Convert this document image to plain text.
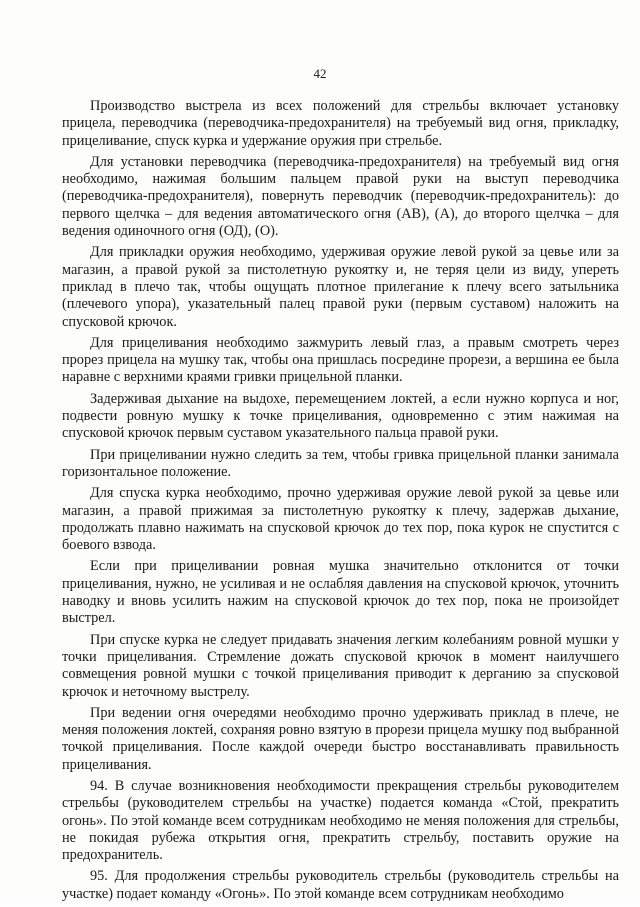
42

Производство выстрела из всех положений для стрельбы включает установку прицела, переводчика (переводчика-предохранителя) на требуемый вид огня, прикладку, прицеливание, спуск курка и удержание оружия при стрельбе.

Для установки переводчика (переводчика-предохранителя) на требуемый вид огня необходимо, нажимая большим пальцем правой руки на выступ переводчика (переводчика-предохранителя), повернуть переводчик (переводчик-предохранитель): до первого щелчка – для ведения автоматического огня (АВ), (А), до второго щелчка – для ведения одиночного огня (ОД), (О).

Для прикладки оружия необходимо, удерживая оружие левой рукой за цевье или за магазин, а правой рукой за пистолетную рукоятку и, не теряя цели из виду, упереть приклад в плечо так, чтобы ощущать плотное прилегание к плечу всего затыльника (плечевого упора), указательный палец правой руки (первым суставом) наложить на спусковой крючок.

Для прицеливания необходимо зажмурить левый глаз, а правым смотреть через прорез прицела на мушку так, чтобы она пришлась посредине прорези, а вершина ее была наравне с верхними краями гривки прицельной планки.

Задерживая дыхание на выдохе, перемещением локтей, а если нужно корпуса и ног, подвести ровную мушку к точке прицеливания, одновременно с этим нажимая на спусковой крючок первым суставом указательного пальца правой руки.

При прицеливании нужно следить за тем, чтобы гривка прицельной планки занимала горизонтальное положение.

Для спуска курка необходимо, прочно удерживая оружие левой рукой за цевье или магазин, а правой прижимая за пистолетную рукоятку к плечу, задержав дыхание, продолжать плавно нажимать на спусковой крючок до тех пор, пока курок не спустится с боевого взвода.

Если при прицеливании ровная мушка значительно отклонится от точки прицеливания, нужно, не усиливая и не ослабляя давления на спусковой крючок, уточнить наводку и вновь усилить нажим на спусковой крючок до тех пор, пока не произойдет выстрел.

При спуске курка не следует придавать значения легким колебаниям ровной мушки у точки прицеливания. Стремление дожать спусковой крючок в момент наилучшего совмещения ровной мушки с точкой прицеливания приводит к дерганию за спусковой крючок и неточному выстрелу.

При ведении огня очередями необходимо прочно удерживать приклад в плече, не меняя положения локтей, сохраняя ровно взятую в прорези прицела мушку под выбранной точкой прицеливания. После каждой очереди быстро восстанавливать правильность прицеливания.

94. В случае возникновения необходимости прекращения стрельбы руководителем стрельбы (руководителем стрельбы на участке) подается команда «Стой, прекратить огонь». По этой команде всем сотрудникам необходимо не меняя положения для стрельбы, не покидая рубежа открытия огня, прекратить стрельбу, поставить оружие на предохранитель.

95. Для продолжения стрельбы руководитель стрельбы (руководитель стрельбы на участке) подает команду «Огонь». По этой команде всем сотрудникам необходимо
